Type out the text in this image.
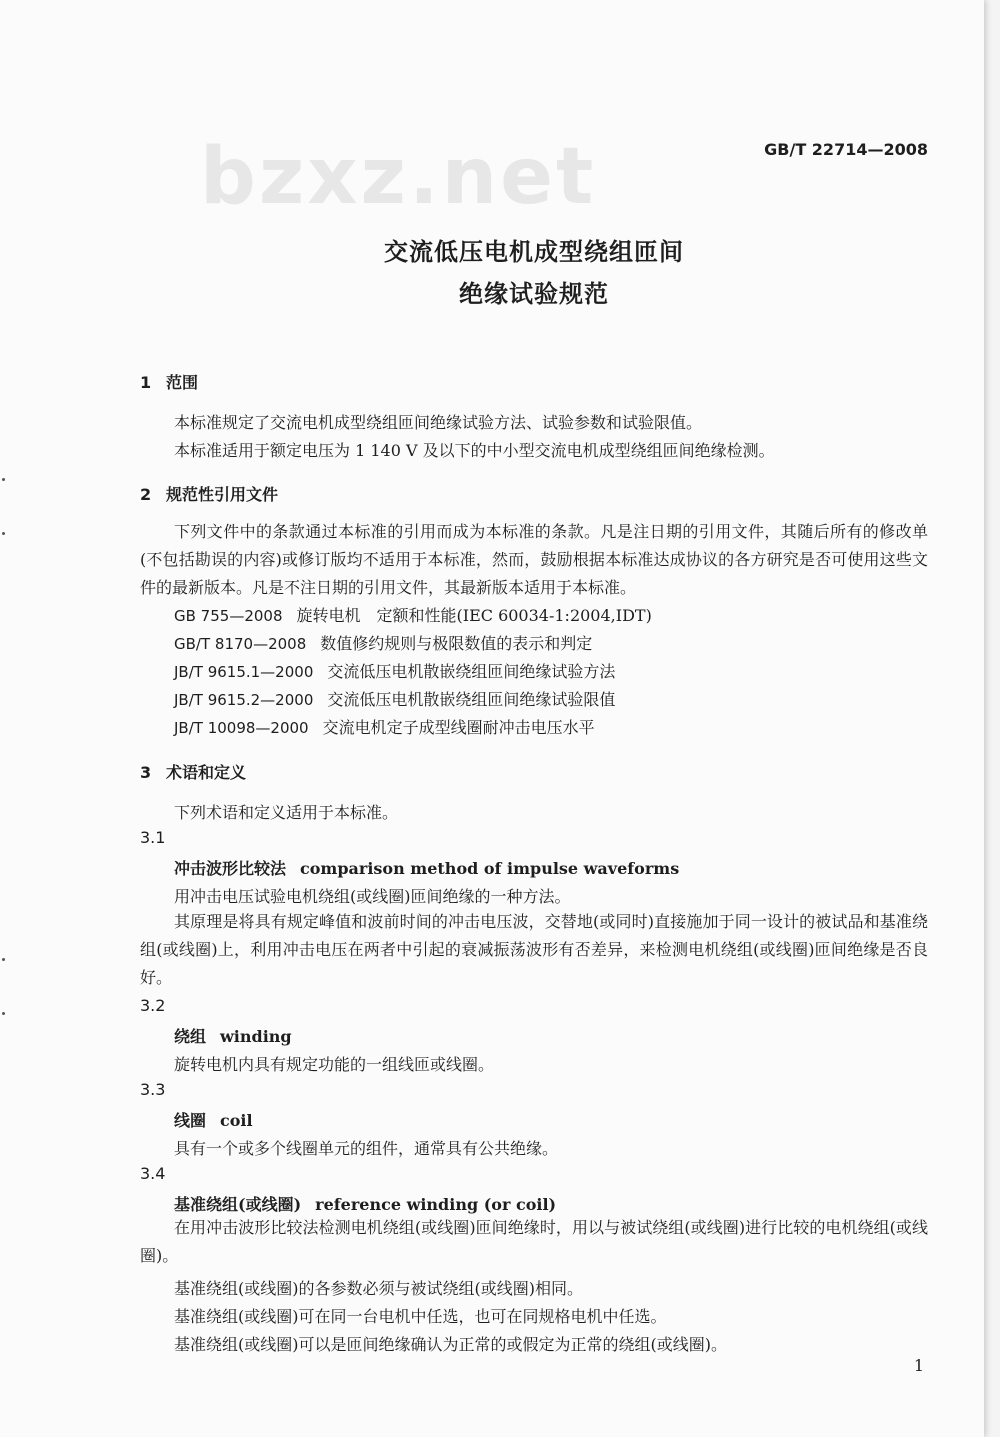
bzxz.net	GB/T 22714—2008
交流低压电机成型绕组匝间
绝缘试验规范
1 范围
本标准规定了交流电机成型绕组匝间绝缘试验方法、试验参数和试验限值。
本标准适用于额定电压为 1 140 V 及以下的中小型交流电机成型绕组匝间绝缘检测。
2 规范性引用文件
下列文件中的条款通过本标准的引用而成为本标准的条款。凡是注日期的引用文件，其随后所有的修改单(不包括勘误的内容)或修订版均不适用于本标准，然而，鼓励根据本标准达成协议的各方研究是否可使用这些文件的最新版本。凡是不注日期的引用文件，其最新版本适用于本标准。
GB 755—2008 旋转电机　定额和性能(IEC 60034-1:2004,IDT)
GB/T 8170—2008 数值修约规则与极限数值的表示和判定
JB/T 9615.1—2000 交流低压电机散嵌绕组匝间绝缘试验方法
JB/T 9615.2—2000 交流低压电机散嵌绕组匝间绝缘试验限值
JB/T 10098—2000 交流电机定子成型线圈耐冲击电压水平
3 术语和定义
下列术语和定义适用于本标准。
3.1
冲击波形比较法 comparison method of impulse waveforms
用冲击电压试验电机绕组(或线圈)匝间绝缘的一种方法。
其原理是将具有规定峰值和波前时间的冲击电压波，交替地(或同时)直接施加于同一设计的被试品和基准绕组(或线圈)上，利用冲击电压在两者中引起的衰减振荡波形有否差异，来检测电机绕组(或线圈)匝间绝缘是否良好。
3.2
绕组 winding
旋转电机内具有规定功能的一组线匝或线圈。
3.3
线圈 coil
具有一个或多个线圈单元的组件，通常具有公共绝缘。
3.4
基准绕组(或线圈) reference winding (or coil)
在用冲击波形比较法检测电机绕组(或线圈)匝间绝缘时，用以与被试绕组(或线圈)进行比较的电机绕组(或线圈)。
基准绕组(或线圈)的各参数必须与被试绕组(或线圈)相同。
基准绕组(或线圈)可在同一台电机中任选，也可在同规格电机中任选。
基准绕组(或线圈)可以是匝间绝缘确认为正常的或假定为正常的绕组(或线圈)。
1
